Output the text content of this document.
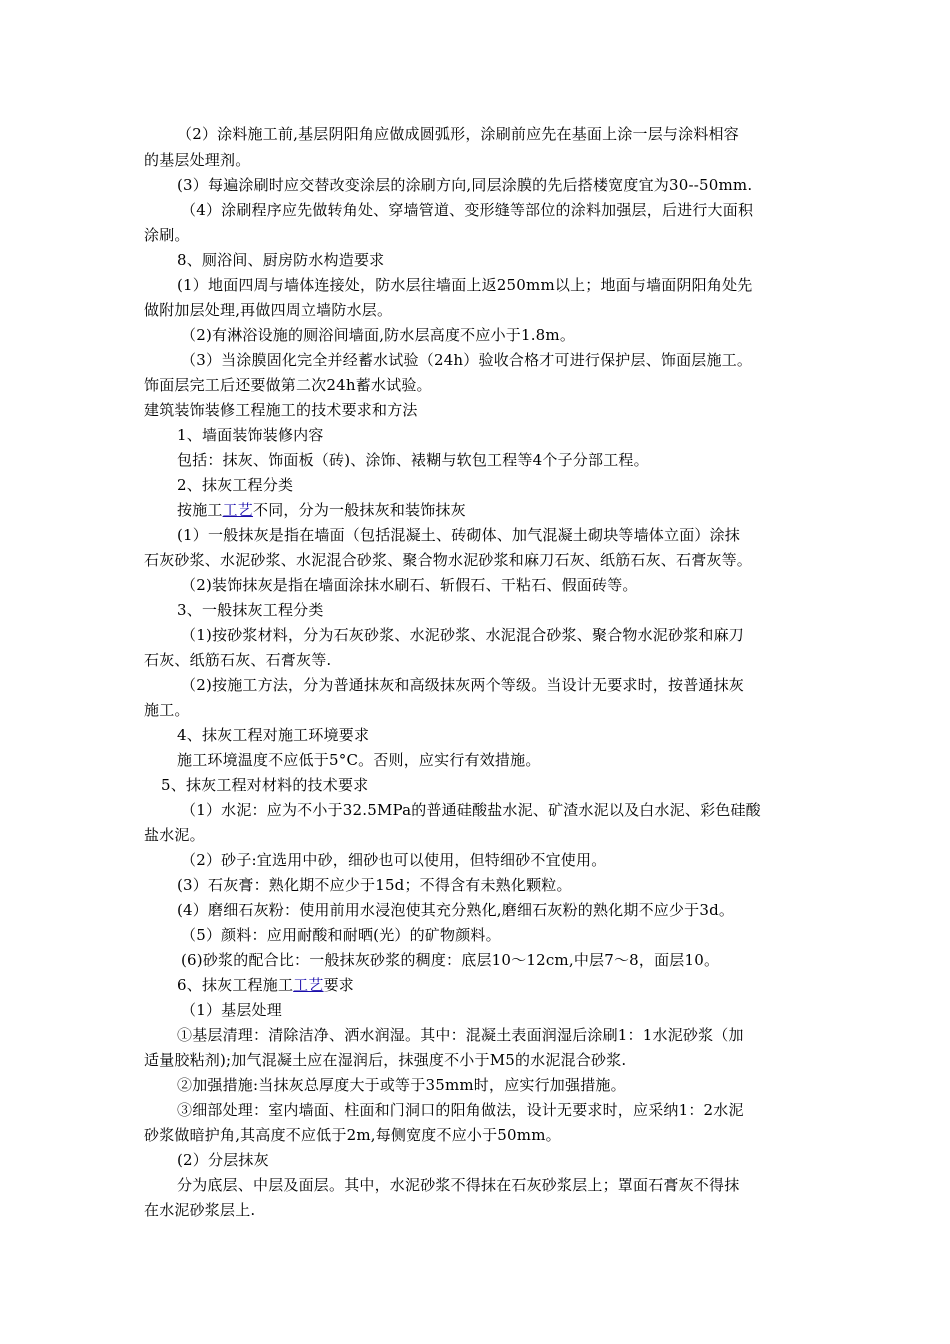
（2）涂料施工前,基层阴阳角应做成圆弧形，涂刷前应先在基面上涂一层与涂料相容
的基层处理剂。
(3）每遍涂刷时应交替改变涂层的涂刷方向,同层涂膜的先后搭楼宽度宜为30--50mm.
（4）涂刷程序应先做转角处、穿墙管道、变形缝等部位的涂料加强层，后进行大面积
涂刷。
8、厕浴间、厨房防水构造要求
(1）地面四周与墙体连接处，防水层往墙面上返250mm以上；地面与墙面阴阳角处先
做附加层处理,再做四周立墙防水层。
（2)有淋浴设施的厕浴间墙面,防水层高度不应小于1.8m。
（3）当涂膜固化完全并经蓄水试验（24h）验收合格才可进行保护层、饰面层施工。
饰面层完工后还要做第二次24h蓄水试验。
建筑装饰装修工程施工的技术要求和方法
1、墙面装饰装修内容
包括：抹灰、饰面板（砖)、涂饰、裱糊与软包工程等4个子分部工程。
2、抹灰工程分类
按施工工艺不同，分为一般抹灰和装饰抹灰
(1）一般抹灰是指在墙面（包括混凝土、砖砌体、加气混凝土砌块等墙体立面）涂抹
石灰砂浆、水泥砂浆、水泥混合砂浆、聚合物水泥砂浆和麻刀石灰、纸筋石灰、石膏灰等。
（2)装饰抹灰是指在墙面涂抹水刷石、斩假石、干粘石、假面砖等。
3、一般抹灰工程分类
（1)按砂浆材料，分为石灰砂浆、水泥砂浆、水泥混合砂浆、聚合物水泥砂浆和麻刀
石灰、纸筋石灰、石膏灰等.
（2)按施工方法，分为普通抹灰和高级抹灰两个等级。当设计无要求时，按普通抹灰
施工。
4、抹灰工程对施工环境要求
施工环境温度不应低于5°C。否则，应实行有效措施。
5、抹灰工程对材料的技术要求
（1）水泥：应为不小于32.5MPa的普通硅酸盐水泥、矿渣水泥以及白水泥、彩色硅酸
盐水泥。
（2）砂子:宜选用中砂，细砂也可以使用，但特细砂不宜使用。
(3）石灰膏：熟化期不应少于15d；不得含有未熟化颗粒。
(4）磨细石灰粉：使用前用水浸泡使其充分熟化,磨细石灰粉的熟化期不应少于3d。
（5）颜料：应用耐酸和耐晒(光）的矿物颜料。
(6)砂浆的配合比：一般抹灰砂浆的稠度：底层10～12cm,中层7～8，面层10。
6、抹灰工程施工工艺要求
（1）基层处理
①基层清理：清除洁净、洒水润湿。其中：混凝土表面润湿后涂刷1：1水泥砂浆（加
适量胶粘剂);加气混凝土应在湿润后，抹强度不小于M5的水泥混合砂浆.
②加强措施:当抹灰总厚度大于或等于35mm时，应实行加强措施。
③细部处理：室内墙面、柱面和门洞口的阳角做法，设计无要求时，应采纳1：2水泥
砂浆做暗护角,其高度不应低于2m,每侧宽度不应小于50mm。
(2）分层抹灰
分为底层、中层及面层。其中，水泥砂浆不得抹在石灰砂浆层上；罩面石膏灰不得抹
在水泥砂浆层上.
